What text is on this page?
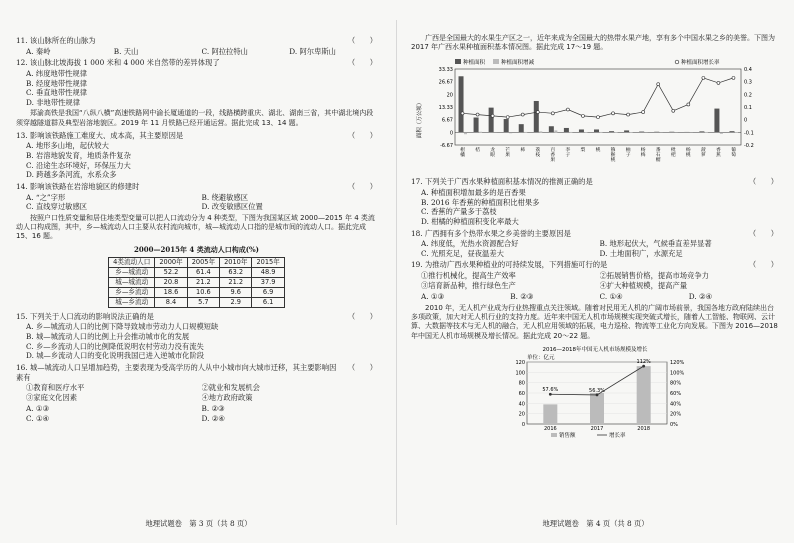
11. 该山脉所在的山脉为	（　　）
A. 秦岭	B. 天山	C. 阿拉拉特山	D. 阿尔卑斯山
12. 该山脉北坡海拔 1 000 米和 4 000 米自然带的差异体现了	（　　）
A. 纬度地带性规律
B. 经度地带性规律
C. 垂直地带性规律
D. 非地带性规律

郑渝高铁是我国“八纵八横”高速铁路网中渝长厦通道的一段，线路横跨重庆、湖北、湖南三省，其中湖北境内段须穿越隧道群及典型岩溶地貌区。2019 年 11 月铁路已经开通运营。据此完成 13、14 题。

13. 影响该铁路施工难度大、成本高，其主要原因是	（　　）
A. 地形多山地，起伏较大
B. 岩溶地貌发育，地质条件复杂
C. 沿途生态环境好，环保压力大
D. 跨越多条河流，水系众多
14. 影响该铁路在岩溶地貌区的修建时	（　　）
A. “之”字形	B. 绕避敏感区
C. 直线穿过敏感区	D. 改变敏感区位置

按照户口性质变量和居住地类型变量可以把人口流动分为 4 种类型，下图为我国某区域 2000—2015 年 4 类流动人口构成图，其中，乡—城流动人口主要从农村流向城市，城—城流动人口指的是城市间的流动人口。据此完成 15、16 题。

2000—2015年 4 类流动人口构成(%)
4类流动人口	2000年	2005年	2010年	2015年
乡—城流动	52.2	61.4	63.2	48.9
城—城流动	20.8	21.2	21.2	37.9
乡—乡流动	18.6	10.6	9.6	6.9
城—乡流动	8.4	5.7	2.9	6.1
15. 下列关于人口流动的影响说法正确的是	（　　）
A. 乡—城流动人口的比例下降导致城市劳动力人口规模短缺
B. 城—城流动人口的比例上升会推动城市化的发展
C. 乡—乡流动人口的比例降低说明农村劳动力没有流失
D. 城—乡流动人口的变化说明我国已进入逆城市化阶段
16. 城—城流动人口呈增加趋势，主要表现为受高学历的人从中小城市向大城市迁移，其主要影响因素有
（　　）
①教育和医疗水平	②就业和发展机会
③家庭文化因素	④地方政府政策
A. ①③	B. ②③
C. ①④	D. ②④
地理试题卷　第 3 页（共 8 页）

广西是全国最大的水果生产区之一，近年来成为全国最大的热带水果产地，享有多个中国水果之乡的美誉。下图为 2017 年广西水果种植面积基本情况图。据此完成 17～19 题。

种植面积	种植面积增减	种植面积增长率
面积（万公顷）
33.33
26.67
20
13.33
6.67
0
-6.67
0.4
0.3
0.2
0.1
0
-0.1
-0.2
柑橘
桔 龙眼
芒果
柿 荔枝
百香果
李子
梨 桃 猕猴桃
柚子
杨梅
番石榴
枇杷
杨桃
菠萝
香蕉
葡萄
17. 下列关于广西水果种植面积基本情况的推测正确的是	（　　）
A. 种植面积增加最多的是百香果
B. 2016 年香蕉的种植面积比柑果多
C. 香蕉的产量多于荔枝
D. 柑橘的种植面积变化率最大
18. 广西拥有多个热带水果之乡美誉的主要原因是	（　　）
A. 纬度低，光热水资源配合好	B. 地形起伏大，气候垂直差异显著
C. 光照充足，昼夜温差大	D. 土地面积广，水源充足
19. 为推动广西水果种植业的可持续发展，下列措施可行的是	（　　）
①推行机械化，提高生产效率	②拓展销售价格，提高市场竞争力
③培育新品种，推行绿色生产	④扩大种植规模，提高产量
A. ①③	B. ②③	C. ①④	D. ②④

2010 年，无人机产业成为行业热搜重点关注领域。随着对民用无人机的广阔市场前景，我国各地方政府陆续出台多项政策，加大对无人机行业的支持力度。近年来中国无人机市场规模实现突破式增长，随着人工智能、物联网、云计算、大数据等技术与无人机的融合，无人机应用领域的拓展，电力巡检、物流等工业化方向发展。下图为 2016—2018 年中国无人机市场规模及增长情况。据此完成 20～22 题。

2016—2018年中国无人机市场规模及增长
单位：亿元
销售额	增长率
0
20
40
60
80
100
120
0%
20%
40%
60%
80%
100%
120%
2016
57.6%
2017
56.3%
2018
112%
地理试题卷　第 4 页（共 8 页）
